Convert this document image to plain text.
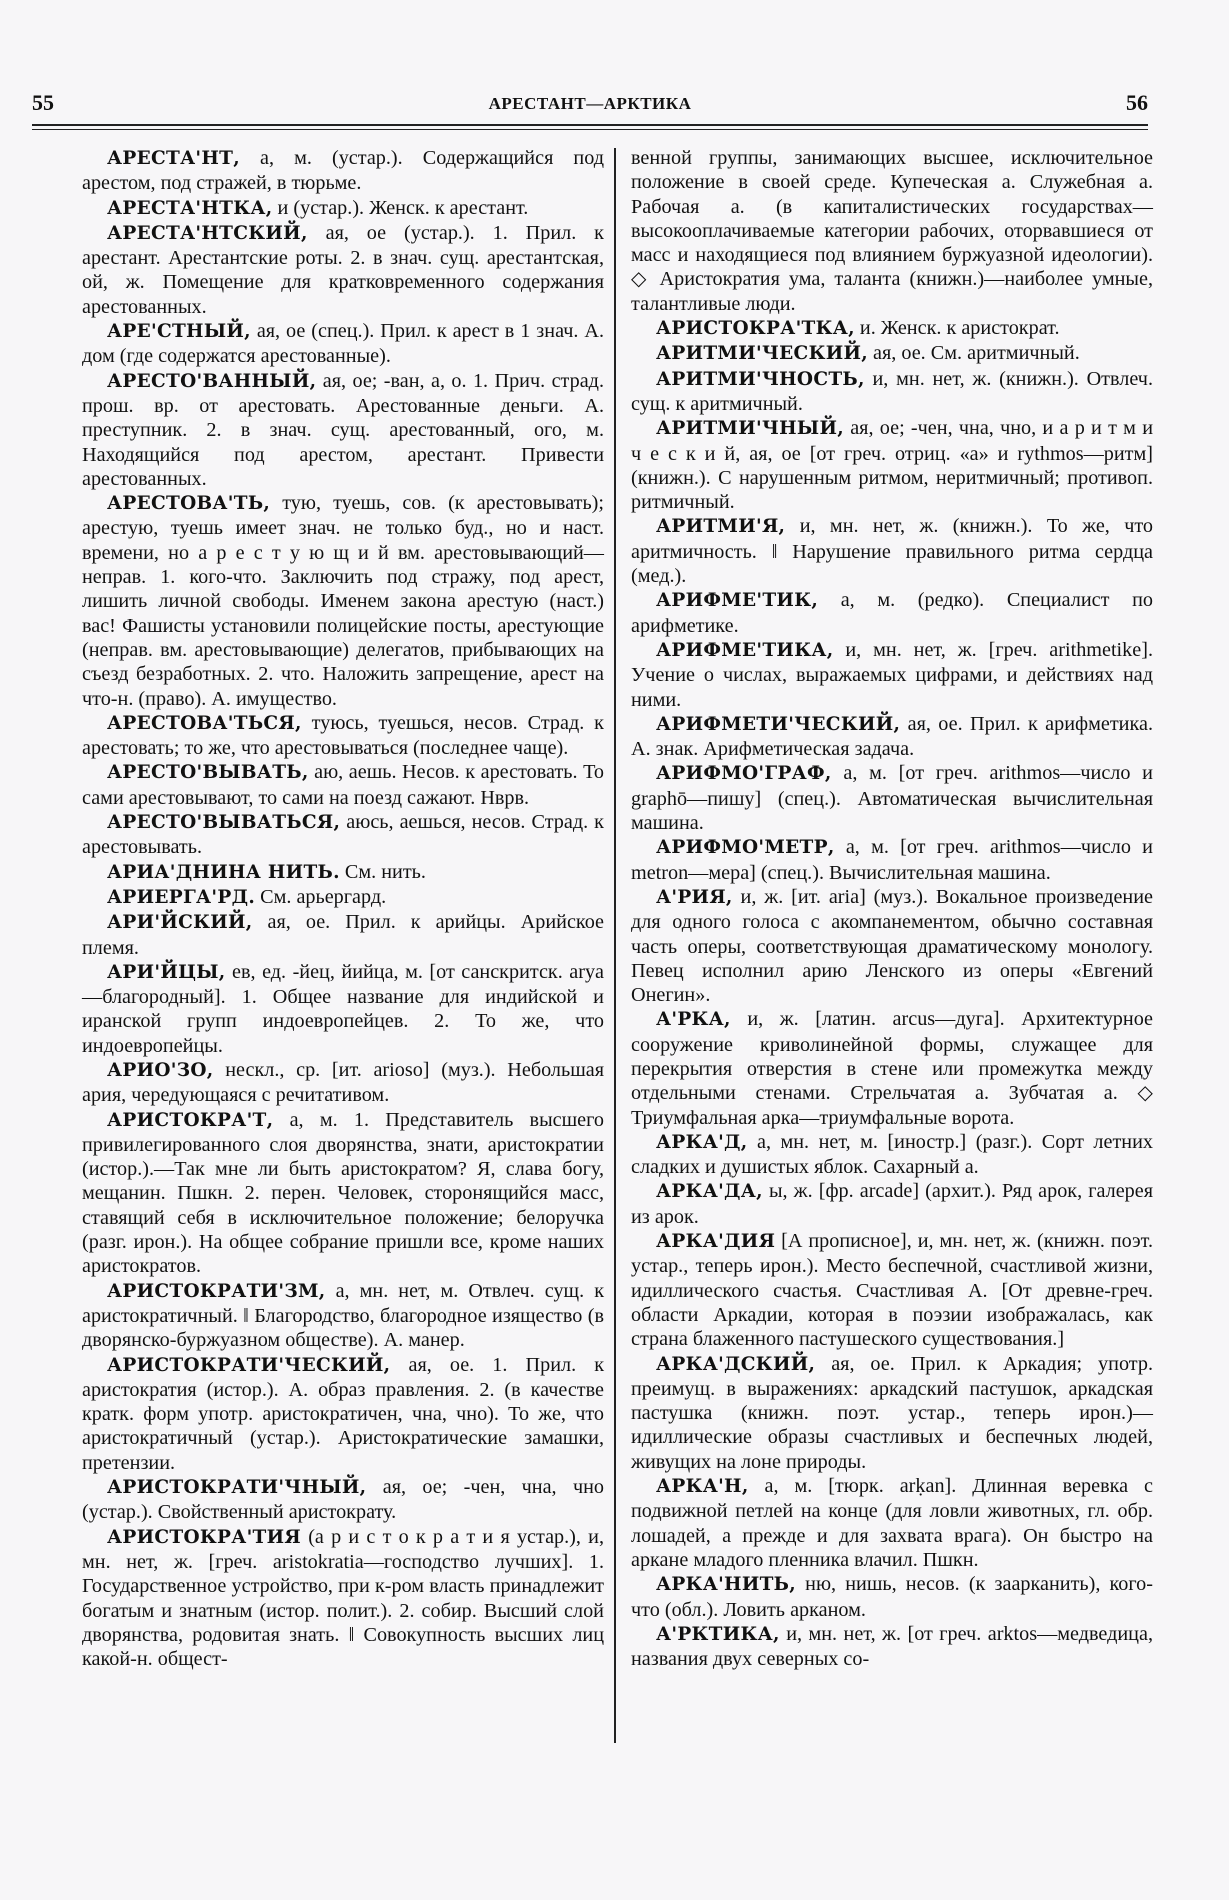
55	АРЕСТАНТ—АРКТИКА	56

АРЕСТА'НТ, а, м. (устар.). Содержащийся под арестом, под стражей, в тюрьме.

АРЕСТА'НТКА, и (устар.). Женск. к арестант.

АРЕСТА'НТСКИЙ, ая, ое (устар.). 1. Прил. к арестант. Арестантские роты. 2. в знач. сущ. арестантская, ой, ж. Помещение для кратковременного содержания арестованных.

АРЕ'СТНЫЙ, ая, ое (спец.). Прил. к арест в 1 знач. А. дом (где содержатся арестованные).

АРЕСТО'ВАННЫЙ, ая, ое; -ван, а, о. 1. Прич. страд. прош. вр. от арестовать. Арестованные деньги. А. преступник. 2. в знач. сущ. арестованный, ого, м. Находящийся под арестом, арестант. Привести арестованных.

АРЕСТОВА'ТЬ, тую, туешь, сов. (к арестовывать); арестую, туешь имеет знач. не только буд., но и наст. времени, но а р е с т у ю щ и й вм. арестовывающий—неправ. 1. кого-что. Заключить под стражу, под арест, лишить личной свободы. Именем закона арестую (наст.) вас! Фашисты установили полицейские посты, арестующие (неправ. вм. арестовывающие) делегатов, прибывающих на съезд безработных. 2. что. Наложить запрещение, арест на что-н. (право). А. имущество.

АРЕСТОВА'ТЬСЯ, туюсь, туешься, несов. Страд. к арестовать; то же, что арестовываться (последнее чаще).

АРЕСТО'ВЫВАТЬ, аю, аешь. Несов. к арестовать. То сами арестовывают, то сами на поезд сажают. Нврв.

АРЕСТО'ВЫВАТЬСЯ, аюсь, аешься, несов. Страд. к арестовывать.

АРИА'ДНИНА НИТЬ. См. нить.

АРИЕРГА'РД. См. арьергард.

АРИ'ЙСКИЙ, ая, ое. Прил. к арийцы. Арийское племя.

АРИ'ЙЦЫ, ев, ед. -йец, йийца, м. [от санскритск. arya—благородный]. 1. Общее название для индийской и иранской групп индоевропейцев. 2. То же, что индоевропейцы.

АРИО'ЗО, нескл., ср. [ит. arioso] (муз.). Небольшая ария, чередующаяся с речитативом.

АРИСТОКРА'Т, а, м. 1. Представитель высшего привилегированного слоя дворянства, знати, аристократии (истор.).—Так мне ли быть аристократом? Я, слава богу, мещанин. Пшкн. 2. перен. Человек, сторонящийся масс, ставящий себя в исключительное положение; белоручка (разг. ирон.). На общее собрание пришли все, кроме наших аристократов.

АРИСТОКРАТИ'ЗМ, а, мн. нет, м. Отвлеч. сущ. к аристократичный. ‖ Благородство, благородное изящество (в дворянско-буржуазном обществе). А. манер.

АРИСТОКРАТИ'ЧЕСКИЙ, ая, ое. 1. Прил. к аристократия (истор.). А. образ правления. 2. (в качестве кратк. форм употр. аристократичен, чна, чно). То же, что аристократичный (устар.). Аристократические замашки, претензии.

АРИСТОКРАТИ'ЧНЫЙ, ая, ое; -чен, чна, чно (устар.). Свойственный аристократу.

АРИСТОКРА'ТИЯ (а р и с т о к р а т и я устар.), и, мн. нет, ж. [греч. aristokratia—господство лучших]. 1. Государственное устройство, при к-ром власть принадлежит богатым и знатным (истор. полит.). 2. собир. Высший слой дворянства, родовитая знать. ‖ Совокупность высших лиц какой-н. общест-

венной группы, занимающих высшее, исключительное положение в своей среде. Купеческая а. Служебная а. Рабочая а. (в капиталистических государствах—высокооплачиваемые категории рабочих, оторвавшиеся от масс и находящиеся под влиянием буржуазной идеологии). ◇ Аристократия ума, таланта (книжн.)—наиболее умные, талантливые люди.

АРИСТОКРА'ТКА, и. Женск. к аристократ.

АРИТМИ'ЧЕСКИЙ, ая, ое. См. аритмичный.

АРИТМИ'ЧНОСТЬ, и, мн. нет, ж. (книжн.). Отвлеч. сущ. к аритмичный.

АРИТМИ'ЧНЫЙ, ая, ое; -чен, чна, чно, и а р и т м и ч е с к и й, ая, ое [от греч. отриц. «а» и rythmos—ритм] (книжн.). С нарушенным ритмом, неритмичный; противоп. ритмичный.

АРИТМИ'Я, и, мн. нет, ж. (книжн.). То же, что аритмичность. ‖ Нарушение правильного ритма сердца (мед.).

АРИФМЕ'ТИК, а, м. (редко). Специалист по арифметике.

АРИФМЕ'ТИКА, и, мн. нет, ж. [греч. arithmetike]. Учение о числах, выражаемых цифрами, и действиях над ними.

АРИФМЕТИ'ЧЕСКИЙ, ая, ое. Прил. к арифметика. А. знак. Арифметическая задача.

АРИФМО'ГРАФ, а, м. [от греч. arithmos—число и graphō—пишу] (спец.). Автоматическая вычислительная машина.

АРИФМО'МЕТР, а, м. [от греч. arithmos—число и metron—мера] (спец.). Вычислительная машина.

А'РИЯ, и, ж. [ит. aria] (муз.). Вокальное произведение для одного голоса с акомпанементом, обычно составная часть оперы, соответствующая драматическому монологу. Певец исполнил арию Ленского из оперы «Евгений Онегин».

А'РКА, и, ж. [латин. arcus—дуга]. Архитектурное сооружение криволинейной формы, служащее для перекрытия отверстия в стене или промежутка между отдельными стенами. Стрельчатая а. Зубчатая а. ◇ Триумфальная арка—триумфальные ворота.

АРКА'Д, а, мн. нет, м. [иностр.] (разг.). Сорт летних сладких и душистых яблок. Сахарный а.

АРКА'ДА, ы, ж. [фр. arcade] (архит.). Ряд арок, галерея из арок.

АРКА'ДИЯ [А прописное], и, мн. нет, ж. (книжн. поэт. устар., теперь ирон.). Место беспечной, счастливой жизни, идиллического счастья. Счастливая А. [От древне-греч. области Аркадии, которая в поэзии изображалась, как страна блаженного пастушеского существования.]

АРКА'ДСКИЙ, ая, ое. Прил. к Аркадия; употр. преимущ. в выражениях: аркадский пастушок, аркадская пастушка (книжн. поэт. устар., теперь ирон.)—идиллические образы счастливых и беспечных людей, живущих на лоне природы.

АРКА'Н, а, м. [тюрк. arḳan]. Длинная веревка с подвижной петлей на конце (для ловли животных, гл. обр. лошадей, а прежде и для захвата врага). Он быстро на аркане младого пленника влачил. Пшкн.

АРКА'НИТЬ, ню, нишь, несов. (к заарканить), кого-что (обл.). Ловить арканом.

А'РКТИКА, и, мн. нет, ж. [от греч. arktos—медведица, названия двух северных со-
